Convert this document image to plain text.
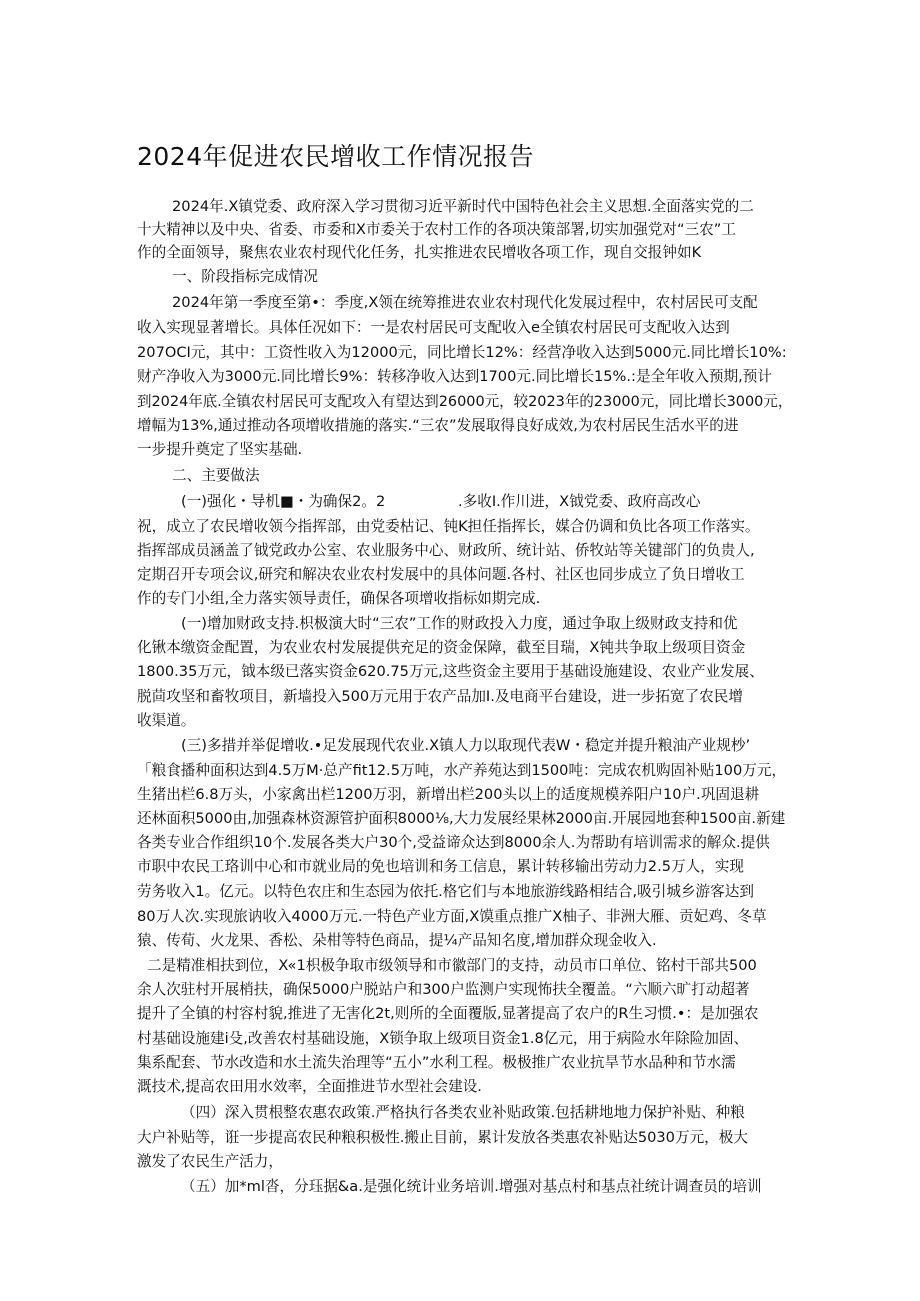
2024年促进农民增收工作情况报告

2024年.X镇党委、政府深入学习贯彻习近平新时代中国特色社会主义思想.全面落实党的二

十大精神以及中央、省委、市委和X市委关于农村工作的各项决策部署,切实加强党对“三农”工

作的全面领导，聚焦农业农村现代化任务，扎实推进农民增收各项工作，现自交报钟如K

一、阶段指标完成情况

2024年第一季度至第•：季度,X领在统筹推进农业农村现代化发展过程中，农村居民可支配

收入实现显著增长。具体任况如下：一是农村居民可支配收入e全镇农村居民可支配收入达到

207OCI元，其中：工资性收入为12000元，同比增长12%：经营净收入达到5000元.同比增长10%:

财产净收入为3000元.同比增长9%：转移净收入达到1700元.同比增长15%.:是全年收入预期,预计

到2024年底.全镇农村居民可支配攻入有望达到26000元，较2023年的23000元，同比增长3000元，

增幅为13%,通过推动各项增收措施的落实.“三农”发展取得良好成效,为农村居民生活水平的进

一步提升奠定了坚实基础.

二、主要做法

(一)强化・导机■・为确保2。2	.多收I.作川进，X钺党委、政府高改心

祝，成立了农民增收领今指挥部，由党委枯记、钝K担任指挥长，媒合仍调和负比各项工作落实。

指挥部成员涵盖了钺党政办公室、农业服务中心、财政所、统计站、侨牧站等关键部门的负贵人,

定期召开专项会议,研究和解决农业农村发展中的具体问题.各村、社区也同步成立了负日增收工

作的专门小组,全力落实领导责任，确保各项增收指标如期完成.

(一)增加财政支持.枳极演大时“三农”工作的财政投入力度，通过争取上级财政支持和优

化锹本缴资金配置，为农业农村发展提供充足的资金保障，截至目瑞，X钝共争取上级项目资金

1800.35万元，钺本级已落实资金620.75万元,这些资金主要用于基础设施建设、农业产业发展、

脱茴攻坚和畜牧项目，新墙投入500万元用于农产品加I.及电商平台建设，进一步拓宽了农民增

收渠道。

(三)多措并举促增收.•足发展现代农业.X镇人力以取现代表W・稳定并提升粮油产业规杪’

「粮食播种面积达到4.5万M·总产fit12.5万吨，水产养苑达到1500吨：完成农机购固补贴100万元，

生猪出栏6.8万头，小家禽出栏1200万羽，新增出栏200头以上的适度规模养阳户10户.巩固退耕

还林面积5000由,加强森林资源管护面积8000⅛,大力发展经果林2000亩.开展园地套种1500亩.新建

各类专业合作组织10个.发展各类大户30个,受益谛众达到8000余人.为帮助有培训需求的解众.提供

市职中农民工珞训中心和市就业局的免也培训和务工信息，累计转移输出劳动力2.5万人，实现

劳务收入1。亿元。以特色农庄和生态园为依托.格它们与本地旅游线路相结合,吸引城乡游客达到

80万人次.实现旅讷收入4000万元.一特色产业方面,X馍重点推广X柚子、非洲大雁、贡妃鸡、冬草

猿、传荀、火龙果、香松、朵柑等特色商品，提¼产品知名度,增加群众现金收入.

二是精准相扶到位，X«1枳极争取市级领导和市徽部门的支持，动员市口单位、铭村干部共500

余人次驻村开展梢扶，确保5000户脱站户和300户监测户实现怖扶全覆盖。“六顺六旷打动超著

提升了全镇的村容村貌,推进了无害化2t,则所的全面覆版,显著提高了农户的R生习惯.•：是加强农

村基础设施建i殳,改善农村基础设施，X锁争取上级项目资金1.8亿元，用于病险水年除险加固、

集系配套、节水改造和水土流失治理等“五小”水利工程。极极推广农业抗旱节水品种和节水濡

溉技术,提高农田用水效率，全面推进节水型社会建设.

（四）深入贯根整农惠农政策.严格执行各类农业补贴政策.包括耕地地力保护补贴、种粮

大户补贴等，诳一步提高农民种粮积极性.搬止目前，累计发放各类惠农补贴达5030万元，极大

激发了农民生产活力，

（五）加*ml沓，分珏据&a.是强化统计业务培训.增强对基点村和基点社统计调查员的培训
